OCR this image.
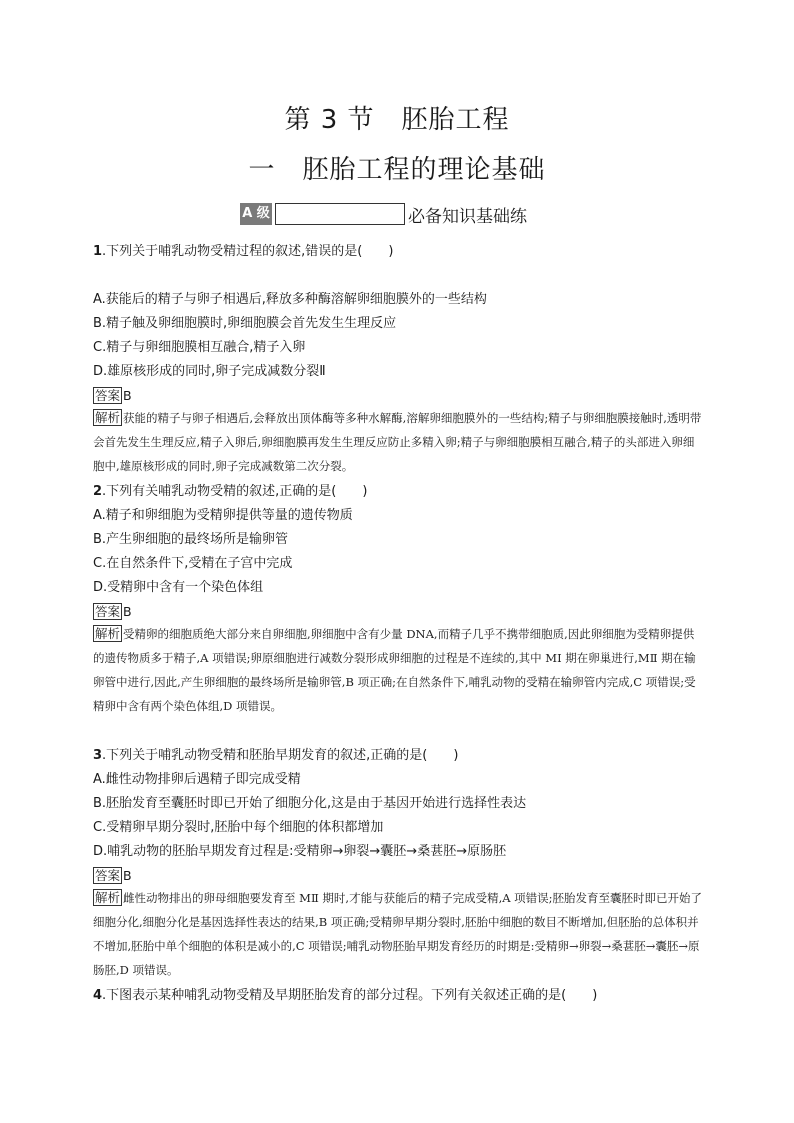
第 3 节　胚胎工程
一　胚胎工程的理论基础
A 级	必备知识基础练
1.下列关于哺乳动物受精过程的叙述,错误的是(　　)
A.获能后的精子与卵子相遇后,释放多种酶溶解卵细胞膜外的一些结构
B.精子触及卵细胞膜时,卵细胞膜会首先发生生理反应
C.精子与卵细胞膜相互融合,精子入卵
D.雄原核形成的同时,卵子完成减数分裂Ⅱ
答案 B
解析 获能的精子与卵子相遇后,会释放出顶体酶等多种水解酶,溶解卵细胞膜外的一些结构;精子与卵细胞膜接触时,透明带会首先发生生理反应,精子入卵后,卵细胞膜再发生生理反应防止多精入卵;精子与卵细胞膜相互融合,精子的头部进入卵细胞中,雄原核形成的同时,卵子完成减数第二次分裂。
2.下列有关哺乳动物受精的叙述,正确的是(　　)
A.精子和卵细胞为受精卵提供等量的遗传物质
B.产生卵细胞的最终场所是输卵管
C.在自然条件下,受精在子宫中完成
D.受精卵中含有一个染色体组
答案 B
解析 受精卵的细胞质绝大部分来自卵细胞,卵细胞中含有少量 DNA,而精子几乎不携带细胞质,因此卵细胞为受精卵提供的遗传物质多于精子,A 项错误;卵原细胞进行减数分裂形成卵细胞的过程是不连续的,其中 MⅠ 期在卵巢进行,MⅡ 期在输卵管中进行,因此,产生卵细胞的最终场所是输卵管,B 项正确;在自然条件下,哺乳动物的受精在输卵管内完成,C 项错误;受精卵中含有两个染色体组,D 项错误。
3.下列关于哺乳动物受精和胚胎早期发育的叙述,正确的是(　　)
A.雌性动物排卵后遇精子即完成受精
B.胚胎发育至囊胚时即已开始了细胞分化,这是由于基因开始进行选择性表达
C.受精卵早期分裂时,胚胎中每个细胞的体积都增加
D.哺乳动物的胚胎早期发育过程是:受精卵→卵裂→囊胚→桑葚胚→原肠胚
答案 B
解析 雌性动物排出的卵母细胞要发育至 MⅡ 期时,才能与获能后的精子完成受精,A 项错误;胚胎发育至囊胚时即已开始了细胞分化,细胞分化是基因选择性表达的结果,B 项正确;受精卵早期分裂时,胚胎中细胞的数目不断增加,但胚胎的总体积并不增加,胚胎中单个细胞的体积是减小的,C 项错误;哺乳动物胚胎早期发育经历的时期是:受精卵→卵裂→桑葚胚→囊胚→原肠胚,D 项错误。
4.下图表示某种哺乳动物受精及早期胚胎发育的部分过程。下列有关叙述正确的是(　　)
